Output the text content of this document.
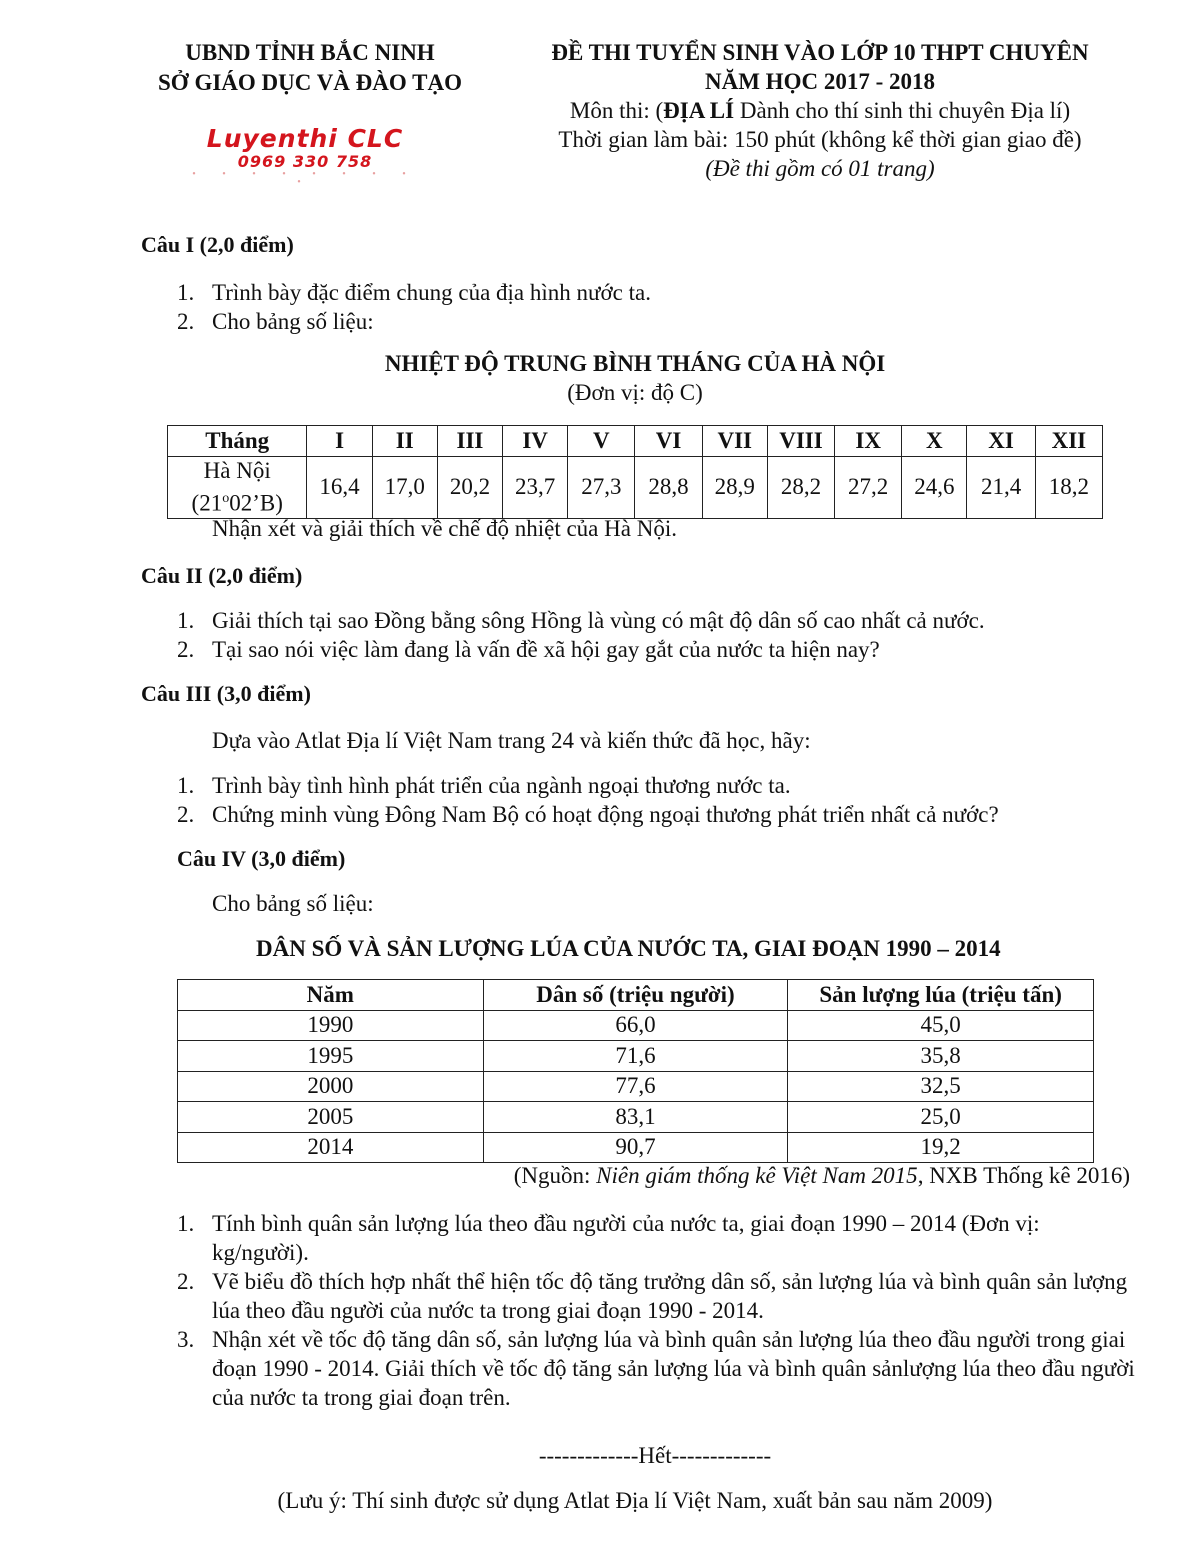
UBND TỈNH BẮC NINH
SỞ GIÁO DỤC VÀ ĐÀO TẠO
Luyenthi CLC
0969 330 758
• • • • • • • • •
ĐỀ THI TUYỂN SINH VÀO LỚP 10 THPT CHUYÊN
NĂM HỌC 2017 - 2018
Môn thi: (ĐỊA LÍ Dành cho thí sinh thi chuyên Địa lí)
Thời gian làm bài: 150 phút (không kể thời gian giao đề)
(Đề thi gồm có 01 trang)
Câu I (2,0 điểm)
1. Trình bày đặc điểm chung của địa hình nước ta.
2. Cho bảng số liệu:
NHIỆT ĐỘ TRUNG BÌNH THÁNG CỦA HÀ NỘI
(Đơn vị: độ C)
Tháng	I	II	III	IV	V	VI	VII	VIII	IX	X	XI	XII

Hà Nội
(21$^o$02’B)	16,4	17,0	20,2	23,7	27,3	28,8	28,9	28,2	27,2	24,6	21,4	18,2
Nhận xét và giải thích về chế độ nhiệt của Hà Nội.
Câu II (2,0 điểm)
1. Giải thích tại sao Đồng bằng sông Hồng là vùng có mật độ dân số cao nhất cả nước.
2. Tại sao nói việc làm đang là vấn đề xã hội gay gắt của nước ta hiện nay?
Câu III (3,0 điểm)
Dựa vào Atlat Địa lí Việt Nam trang 24 và kiến thức đã học, hãy:
1. Trình bày tình hình phát triển của ngành ngoại thương nước ta.
2. Chứng minh vùng Đông Nam Bộ có hoạt động ngoại thương phát triển nhất cả nước?
Câu IV (3,0 điểm)
Cho bảng số liệu:
DÂN SỐ VÀ SẢN LƯỢNG LÚA CỦA NƯỚC TA, GIAI ĐOẠN 1990 – 2014
Năm	Dân số (triệu người)	Sản lượng lúa (triệu tấn)
1990	66,0	45,0
1995	71,6	35,8
2000	77,6	32,5
2005	83,1	25,0
2014	90,7	19,2
(Nguồn: Niên giám thống kê Việt Nam 2015, NXB Thống kê 2016)
1. Tính bình quân sản lượng lúa theo đầu người của nước ta, giai đoạn 1990 – 2014 (Đơn vị: kg/người).
2. Vẽ biểu đồ thích hợp nhất thể hiện tốc độ tăng trưởng dân số, sản lượng lúa và bình quân sản lượng lúa theo đầu người của nước ta trong giai đoạn 1990 - 2014.
3. Nhận xét về tốc độ tăng dân số, sản lượng lúa và bình quân sản lượng lúa theo đầu người trong giai đoạn 1990 - 2014. Giải thích về tốc độ tăng sản lượng lúa và bình quân sảnlượng lúa theo đầu người của nước ta trong giai đoạn trên.
-------------Hết-------------
(Lưu ý: Thí sinh được sử dụng Atlat Địa lí Việt Nam, xuất bản sau năm 2009)
